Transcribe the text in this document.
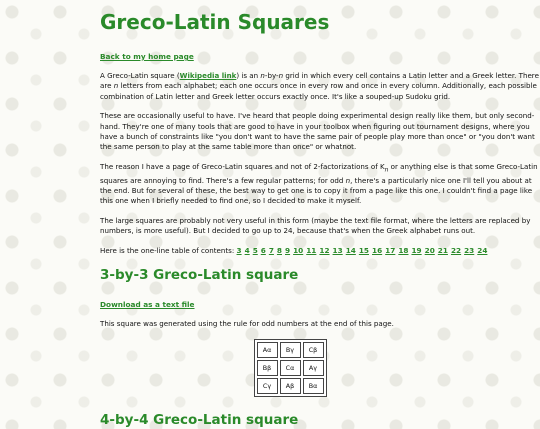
Greco-Latin Squares
Back to my home page

A Greco-Latin square (Wikipedia link) is an n-by-n grid in which every cell contains a Latin letter and a Greek letter. There are n letters from each alphabet; each one occurs once in every row and once in every column. Additionally, each possible combination of Latin letter and Greek letter occurs exactly once. It's like a souped-up Sudoku grid.

These are occasionally useful to have. I've heard that people doing experimental design really like them, but only second-hand. They're one of many tools that are good to have in your toolbox when figuring out tournament designs, where you have a bunch of constraints like "you don't want to have the same pair of people play more than once" or "you don't want the same person to play at the same table more than once" or whatnot.

The reason I have a page of Greco-Latin squares and not of 2-factorizations of $K_n$ or anything else is that some Greco-Latin squares are annoying to find. There's a few regular patterns; for odd n, there's a particularly nice one I'll tell you about at the end. But for several of these, the best way to get one is to copy it from a page like this one. I couldn't find a page like this one when I briefly needed to find one, so I decided to make it myself.

The large squares are probably not very useful in this form (maybe the text file format, where the letters are replaced by numbers, is more useful). But I decided to go up to 24, because that's when the Greek alphabet runs out.

Here is the one-line table of contents: 3 4 5 6 7 8 9 10 11 12 13 14 15 16 17 18 19 20 21 22 23 24

3-by-3 Greco-Latin square
Download as a text file

This square was generated using the rule for odd numbers at the end of this page.

Aα	Bγ	Cβ
Bβ	Cα	Aγ
Cγ	Aβ	Bα
4-by-4 Greco-Latin square
